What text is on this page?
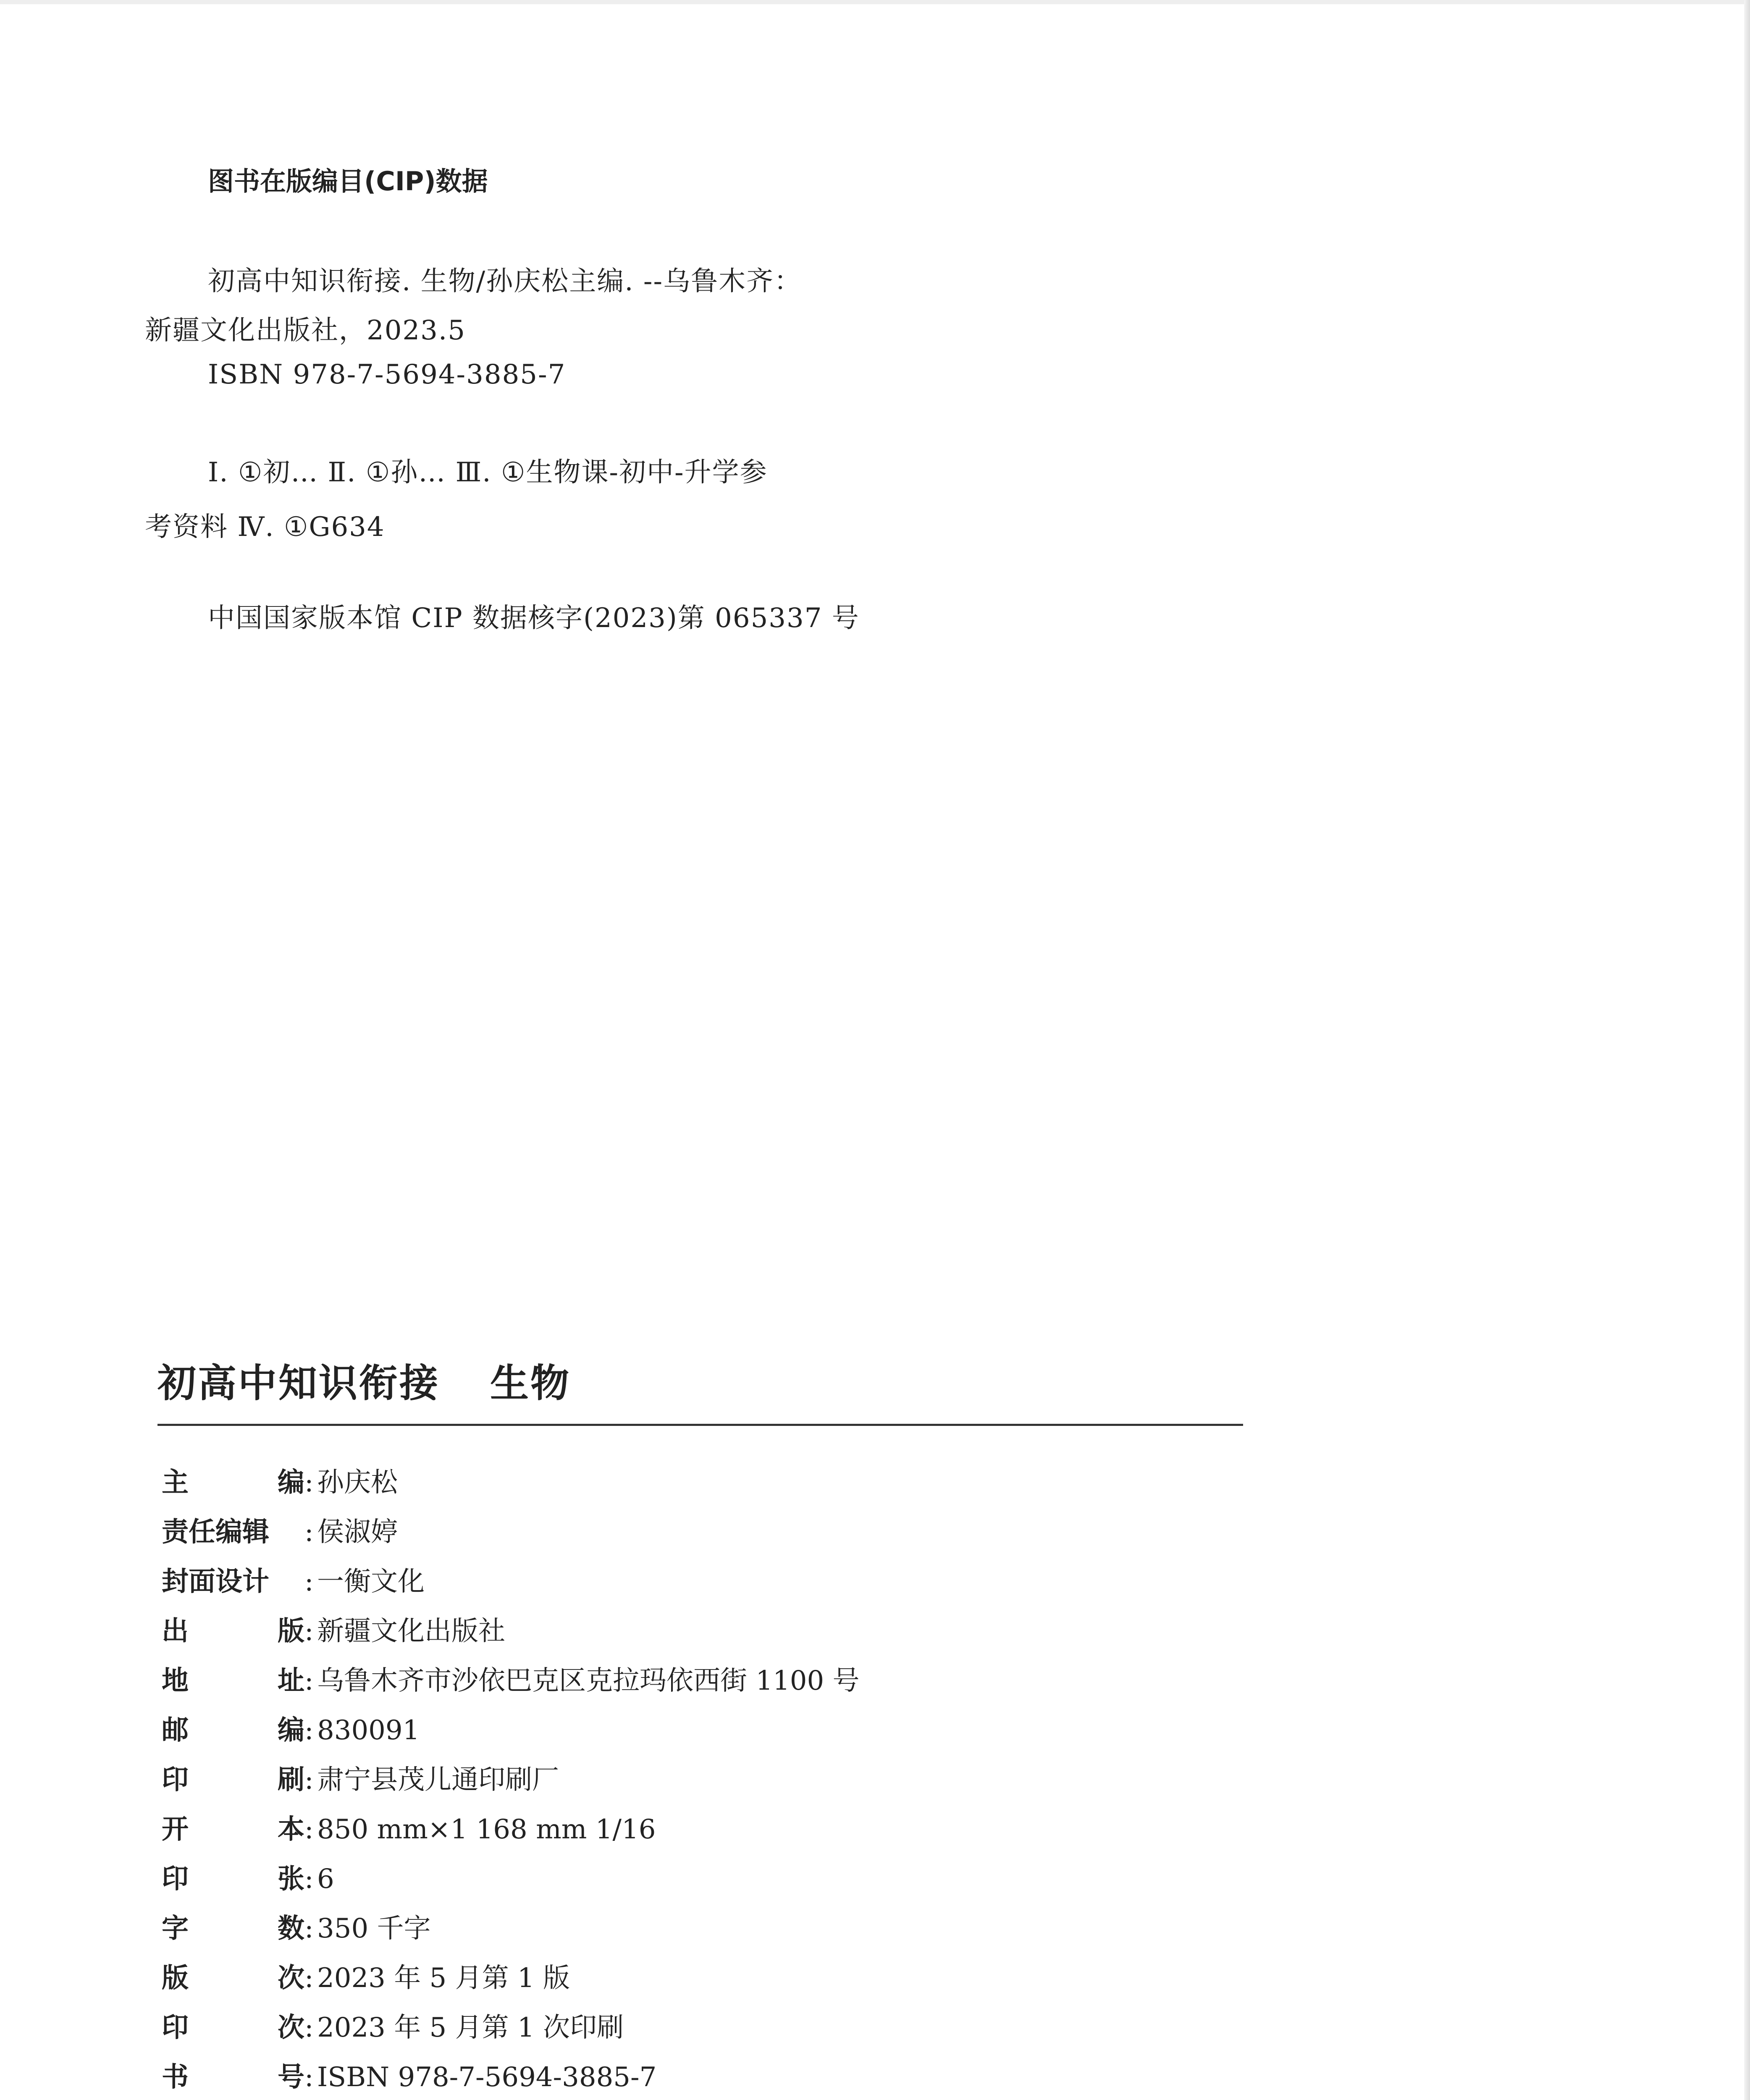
图书在版编目(CIP)数据
初高中知识衔接. 生物/孙庆松主编. --乌鲁木齐：
新疆文化出版社，2023.5
ISBN 978-7-5694-3885-7
Ⅰ. ①初… Ⅱ. ①孙… Ⅲ. ①生物课-初中-升学参
考资料 Ⅳ. ①G634
中国国家版本馆 CIP 数据核字(2023)第 065337 号
初高中知识衔接 生物
主	编 : 孙庆松
责任编辑 : 侯淑婷
封面设计 : 一衡文化
出	版 : 新疆文化出版社
地	址 : 乌鲁木齐市沙依巴克区克拉玛依西街 1100 号
邮	编 : 830091
印	刷 : 肃宁县茂儿通印刷厂
开	本 : 850 mm×1 168 mm 1/16
印	张 : 6
字	数 : 350 千字
版	次 : 2023 年 5 月第 1 版
印	次 : 2023 年 5 月第 1 次印刷
书	号 : ISBN 978-7-5694-3885-7
